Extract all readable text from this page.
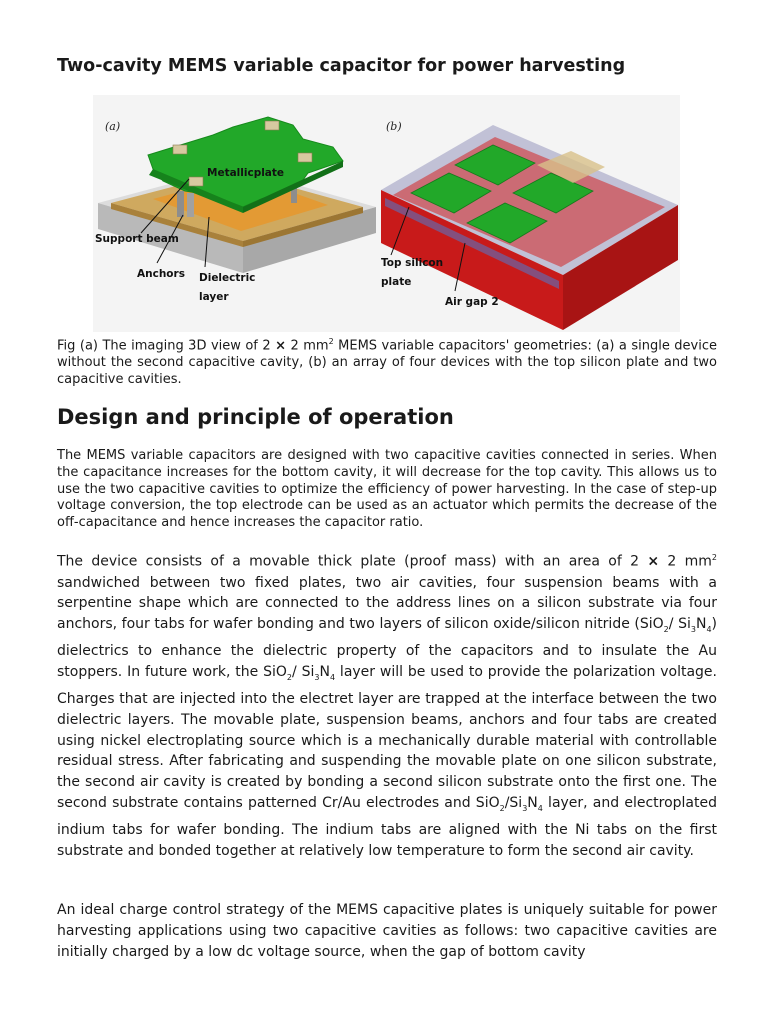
Two-cavity MEMS variable capacitor for power harvesting
(a)
Metallicplate
Support beam
Anchors Dielectric
layer
(b)
Top silicon
plate
Air gap 2

Fig (a) The imaging 3D view of 2 × 2 $mm^2$ MEMS variable capacitors' geometries: (a) a single device without the second capacitive cavity, (b) an array of four devices with the top silicon plate and two capacitive cavities.

Design and principle of operation

The MEMS variable capacitors are designed with two capacitive cavities connected in series. When the capacitance increases for the bottom cavity, it will decrease for the top cavity. This allows us to use the two capacitive cavities to optimize the efficiency of power harvesting. In the case of step-up voltage conversion, the top electrode can be used as an actuator which permits the decrease of the off-capacitance and hence increases the capacitor ratio.

The device consists of a movable thick plate (proof mass) with an area of 2 × 2 $mm^2$ sandwiched between two fixed plates, two air cavities, four suspension beams with a serpentine shape which are connected to the address lines on a silicon substrate via four anchors, four tabs for wafer bonding and two layers of silicon oxide/silicon nitride (SiO$_2$/ $Si_3N_4$) dielectrics to enhance the dielectric property of the capacitors and to insulate the Au stoppers. In future work, the SiO$_2$/ $Si_3N_4$ layer will be used to provide the polarization voltage. Charges that are injected into the electret layer are trapped at the interface between the two dielectric layers. The movable plate, suspension beams, anchors and four tabs are created using nickel electroplating source which is a mechanically durable material with controllable residual stress. After fabricating and suspending the movable plate on one silicon substrate, the second air cavity is created by bonding a second silicon substrate onto the first one. The second substrate contains patterned Cr/Au electrodes and $SiO_2/Si_3N_4$ layer, and electroplated indium tabs for wafer bonding. The indium tabs are aligned with the Ni tabs on the first substrate and bonded together at relatively low temperature to form the second air cavity.

An ideal charge control strategy of the MEMS capacitive plates is uniquely suitable for power harvesting applications using two capacitive cavities as follows: two capacitive cavities are initially charged by a low dc voltage source, when the gap of bottom cavity
